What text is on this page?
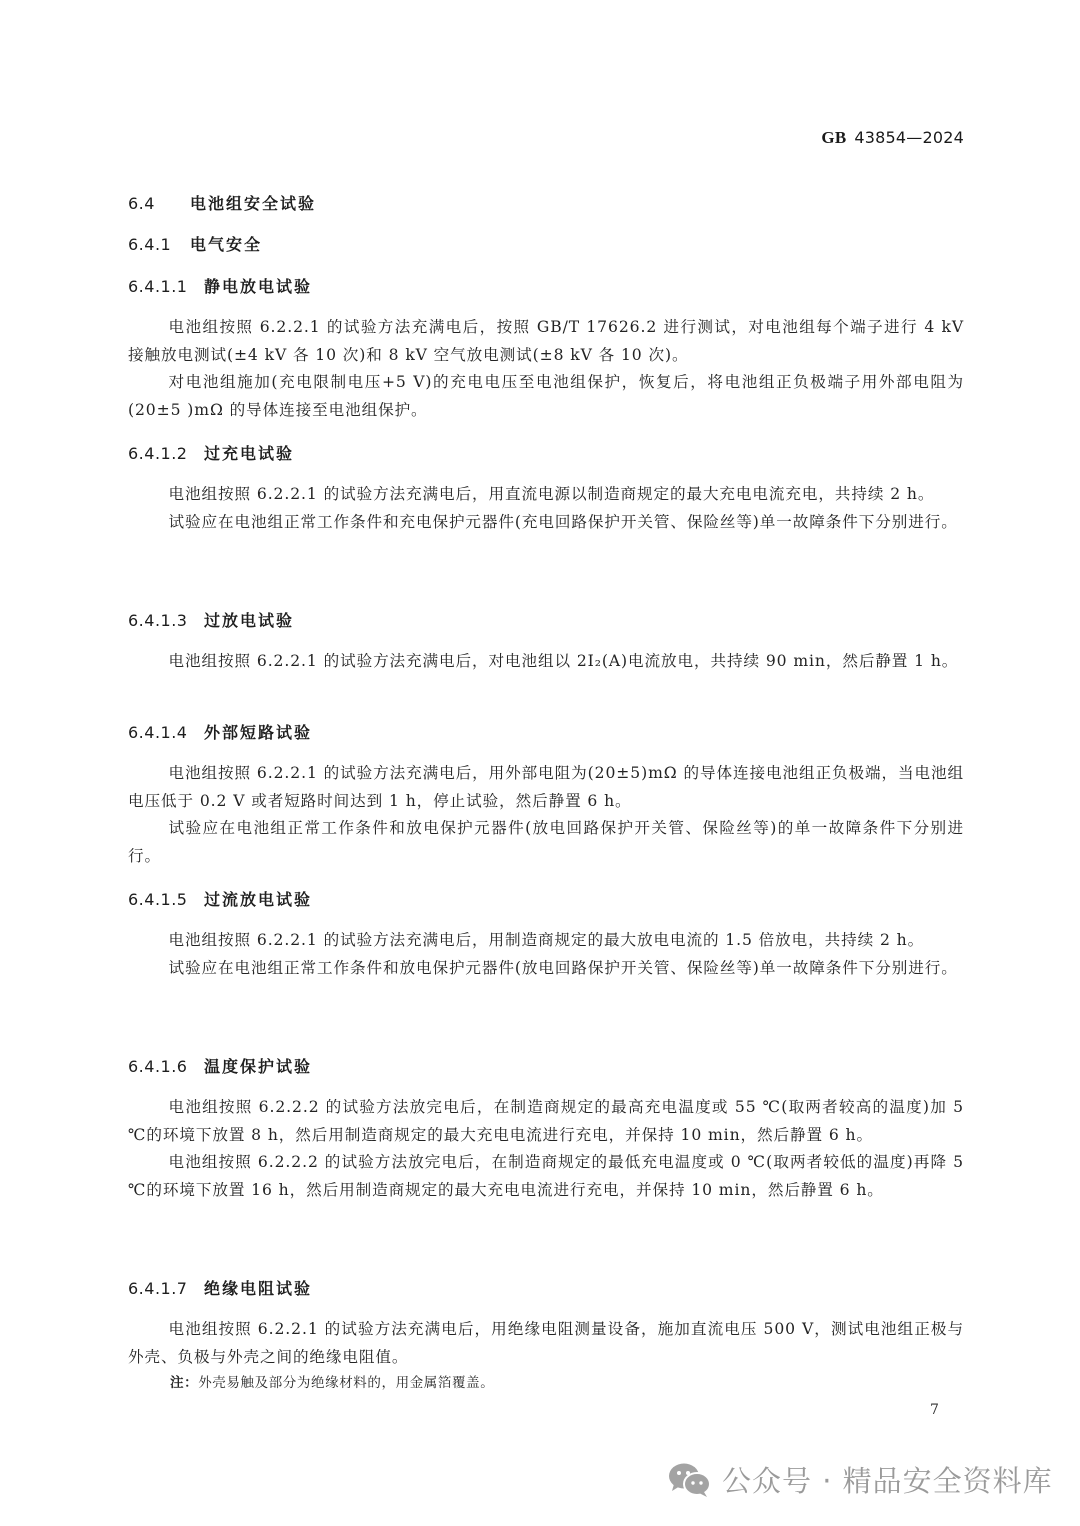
GB 43854—2024
6.4 电池组安全试验
6.4.1 电气安全
6.4.1.1 静电放电试验

电池组按照 6.2.2.1 的试验方法充满电后，按照 GB/T 17626.2 进行测试，对电池组每个端子进行 4 kV 接触放电测试(±4 kV 各 10 次)和 8 kV 空气放电测试(±8 kV 各 10 次)。

对电池组施加(充电限制电压+5 V)的充电电压至电池组保护，恢复后，将电池组正负极端子用外部电阻为(20±5 )mΩ 的导体连接至电池组保护。

6.4.1.2 过充电试验

电池组按照 6.2.2.1 的试验方法充满电后，用直流电源以制造商规定的最大充电电流充电，共持续 2 h。

试验应在电池组正常工作条件和充电保护元器件(充电回路保护开关管、保险丝等)单一故障条件下分别进行。

6.4.1.3 过放电试验

电池组按照 6.2.2.1 的试验方法充满电后，对电池组以 2I₂(A)电流放电，共持续 90 min，然后静置 1 h。

6.4.1.4 外部短路试验

电池组按照 6.2.2.1 的试验方法充满电后，用外部电阻为(20±5)mΩ 的导体连接电池组正负极端，当电池组电压低于 0.2 V 或者短路时间达到 1 h，停止试验，然后静置 6 h。

试验应在电池组正常工作条件和放电保护元器件(放电回路保护开关管、保险丝等)的单一故障条件下分别进行。

6.4.1.5 过流放电试验

电池组按照 6.2.2.1 的试验方法充满电后，用制造商规定的最大放电电流的 1.5 倍放电，共持续 2 h。

试验应在电池组正常工作条件和放电保护元器件(放电回路保护开关管、保险丝等)单一故障条件下分别进行。

6.4.1.6 温度保护试验

电池组按照 6.2.2.2 的试验方法放完电后，在制造商规定的最高充电温度或 55 ℃(取两者较高的温度)加 5 ℃的环境下放置 8 h，然后用制造商规定的最大充电电流进行充电，并保持 10 min，然后静置 6 h。

电池组按照 6.2.2.2 的试验方法放完电后，在制造商规定的最低充电温度或 0 ℃(取两者较低的温度)再降 5 ℃的环境下放置 16 h，然后用制造商规定的最大充电电流进行充电，并保持 10 min，然后静置 6 h。

6.4.1.7 绝缘电阻试验

电池组按照 6.2.2.1 的试验方法充满电后，用绝缘电阻测量设备，施加直流电压 500 V，测试电池组正极与外壳、负极与外壳之间的绝缘电阻值。

注：外壳易触及部分为绝缘材料的，用金属箔覆盖。
7
公众号 · 精品安全资料库
